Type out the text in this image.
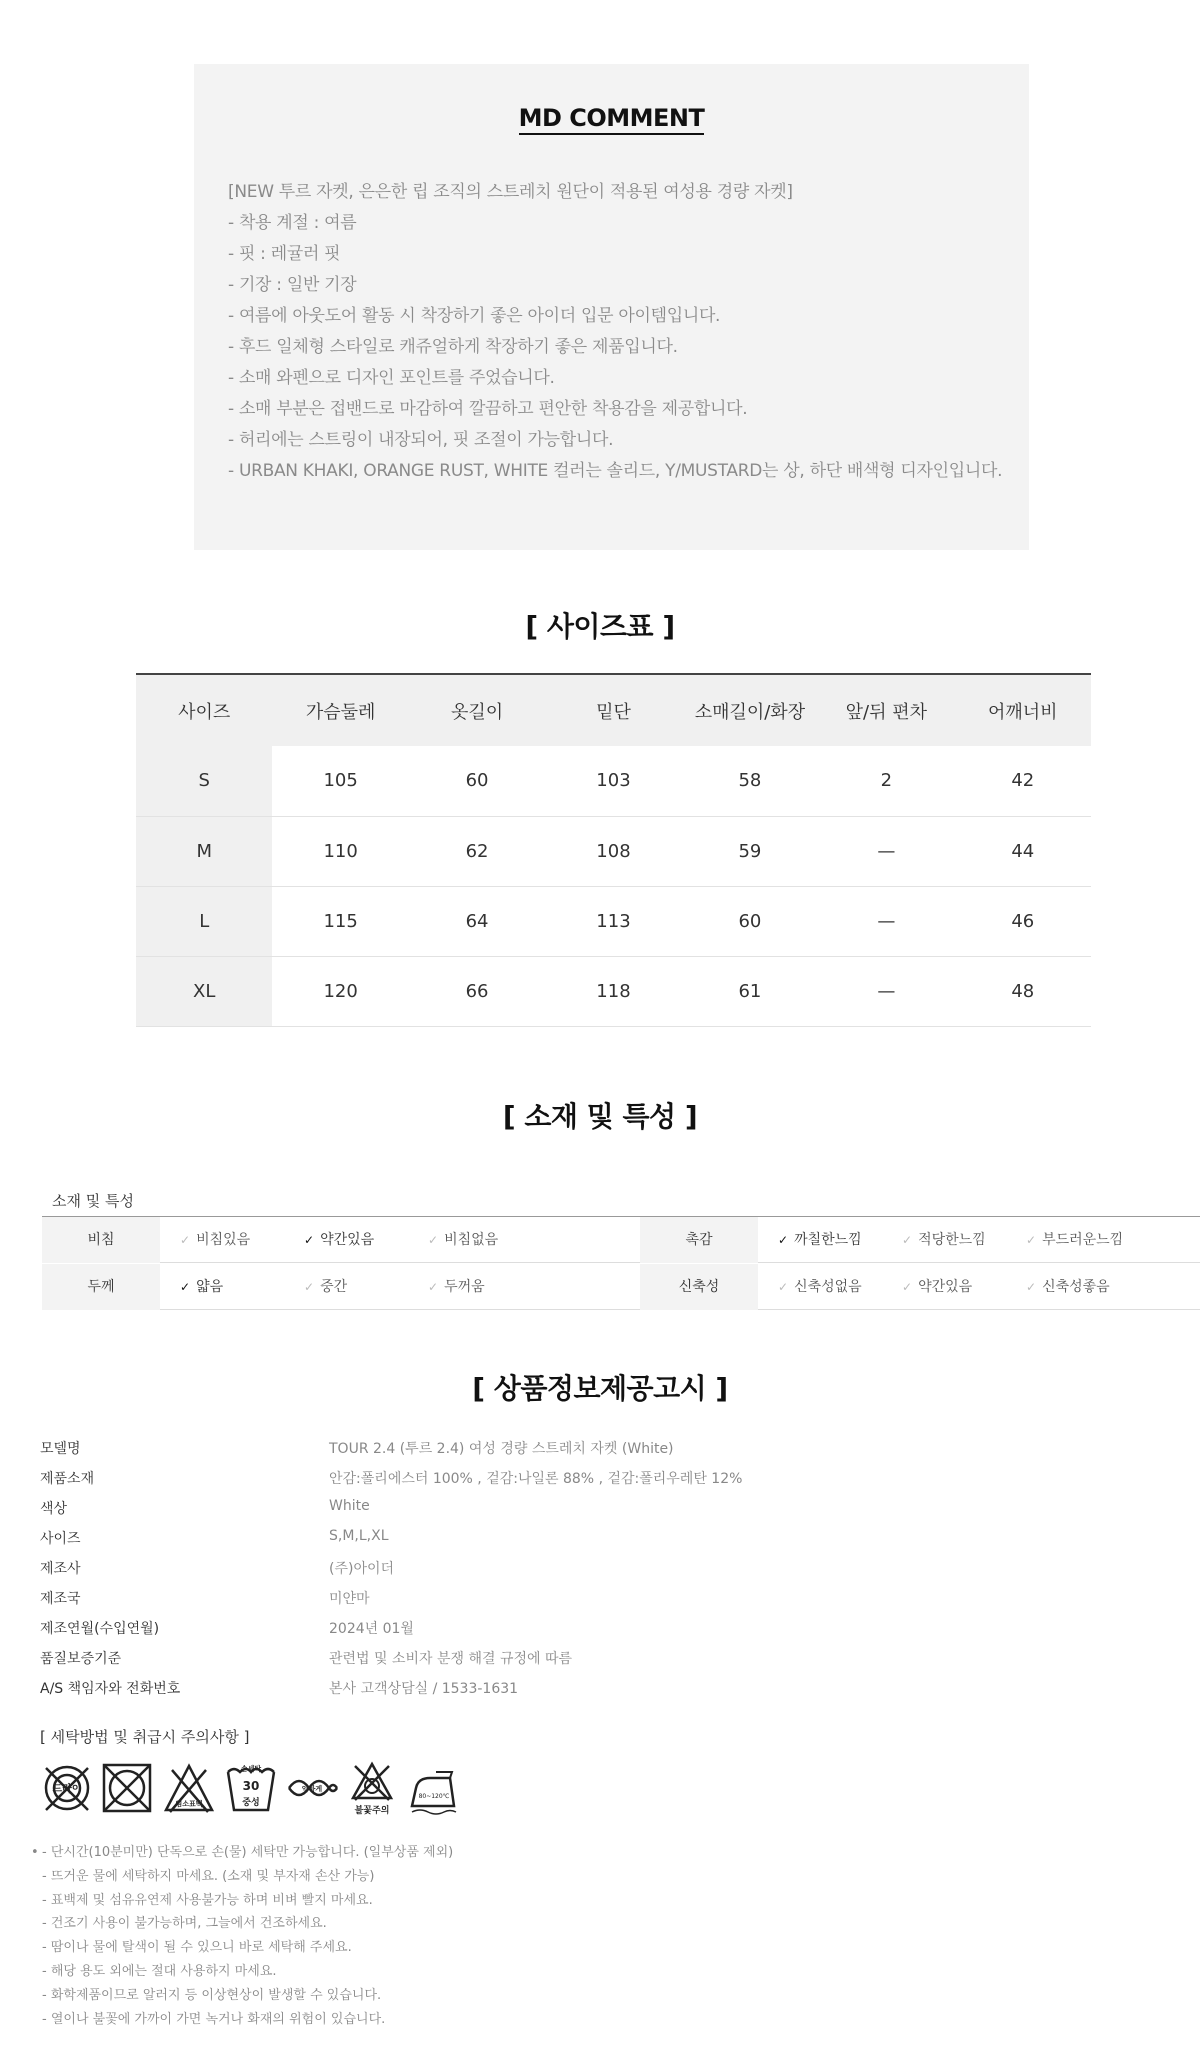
MD COMMENT
[NEW 투르 자켓, 은은한 립 조직의 스트레치 원단이 적용된 여성용 경량 자켓]
- 착용 계절 : 여름
- 핏 : 레귤러 핏
- 기장 : 일반 기장
- 여름에 아웃도어 활동 시 착장하기 좋은 아이더 입문 아이템입니다.
- 후드 일체형 스타일로 캐쥬얼하게 착장하기 좋은 제품입니다.
- 소매 와펜으로 디자인 포인트를 주었습니다.
- 소매 부분은 접밴드로 마감하여 깔끔하고 편안한 착용감을 제공합니다.
- 허리에는 스트링이 내장되어, 핏 조절이 가능합니다.
- URBAN KHAKI, ORANGE RUST, WHITE 컬러는 솔리드, Y/MUSTARD는 상, 하단 배색형 디자인입니다.
[ 사이즈표 ]
사이즈	가슴둘레	옷길이	밑단	소매길이/화장	앞/뒤 편차	어깨너비
S	105	60	103	58	2	42
M	110	62	108	59	—	44
L	115	64	113	60	—	46
XL	120	66	118	61	—	48
[ 소재 및 특성 ]
소재 및 특성
비침	✓ 비침있음	✓ 약간있음	✓ 비침없음	촉감	✓ 까칠한느낌	✓ 적당한느낌	✓ 부드러운느낌
두께	✓ 얇음	✓ 중간	✓ 두꺼움	신축성	✓ 신축성없음	✓ 약간있음	✓ 신축성좋음
[ 상품정보제공고시 ]
모델명	TOUR 2.4 (투르 2.4) 여성 경량 스트레치 자켓 (White)
제품소재	안감:폴리에스터 100% , 겉감:나일론 88% , 겉감:폴리우레탄 12%
색상	White
사이즈	S,M,L,XL
제조사	(주)아이더
제조국	미얀마
제조연월(수입연월)	2024년 01월
품질보증기준	관련법 및 소비자 분쟁 해결 규정에 따름
A/S 책임자와 전화번호	본사 고객상담실 / 1533-1631
[ 세탁방법 및 취급시 주의사항 ]
드라이
염소표백
손세탁
30
중성
약하게
불꽃주의
80~120℃
• - 단시간(10분미만) 단독으로 손(물) 세탁만 가능합니다. (일부상품 제외)
- 뜨거운 물에 세탁하지 마세요. (소재 및 부자재 손산 가능)
- 표백제 및 섬유유연제 사용불가능 하며 비벼 빨지 마세요.
- 건조기 사용이 불가능하며, 그늘에서 건조하세요.
- 땀이나 물에 탈색이 될 수 있으니 바로 세탁해 주세요.
- 해당 용도 외에는 절대 사용하지 마세요.
- 화학제품이므로 알러지 등 이상현상이 발생할 수 있습니다.
- 열이나 불꽃에 가까이 가면 녹거나 화재의 위험이 있습니다.
